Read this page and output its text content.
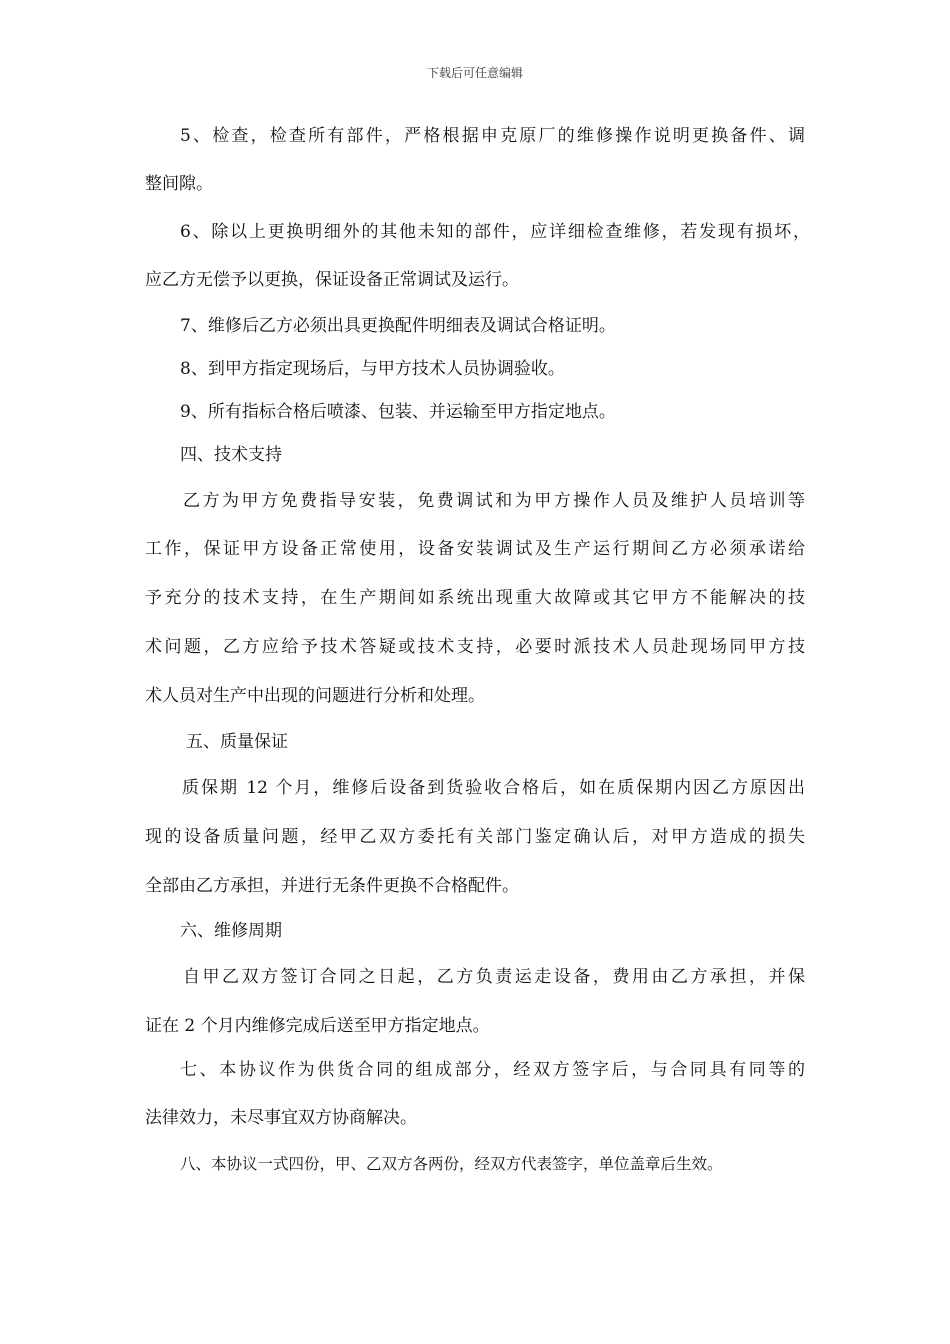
下载后可任意编辑
5、检查，检查所有部件，严格根据申克原厂的维修操作说明更换备件、调
整间隙。
6、除以上更换明细外的其他未知的部件，应详细检查维修，若发现有损坏，
应乙方无偿予以更换，保证设备正常调试及运行。
7、维修后乙方必须出具更换配件明细表及调试合格证明。
8、到甲方指定现场后，与甲方技术人员协调验收。
9、所有指标合格后喷漆、包装、并运输至甲方指定地点。
四、技术支持
乙方为甲方免费指导安装，免费调试和为甲方操作人员及维护人员培训等
工作，保证甲方设备正常使用，设备安装调试及生产运行期间乙方必须承诺给
予充分的技术支持，在生产期间如系统出现重大故障或其它甲方不能解决的技
术问题，乙方应给予技术答疑或技术支持，必要时派技术人员赴现场同甲方技
术人员对生产中出现的问题进行分析和处理。
五、质量保证
质保期 12 个月，维修后设备到货验收合格后，如在质保期内因乙方原因出
现的设备质量问题，经甲乙双方委托有关部门鉴定确认后，对甲方造成的损失
全部由乙方承担，并进行无条件更换不合格配件。
六、维修周期
自甲乙双方签订合同之日起，乙方负责运走设备，费用由乙方承担，并保
证在 2 个月内维修完成后送至甲方指定地点。
七、本协议作为供货合同的组成部分，经双方签字后，与合同具有同等的
法律效力，未尽事宜双方协商解决。
八、本协议一式四份，甲、乙双方各两份，经双方代表签字，单位盖章后生效。
